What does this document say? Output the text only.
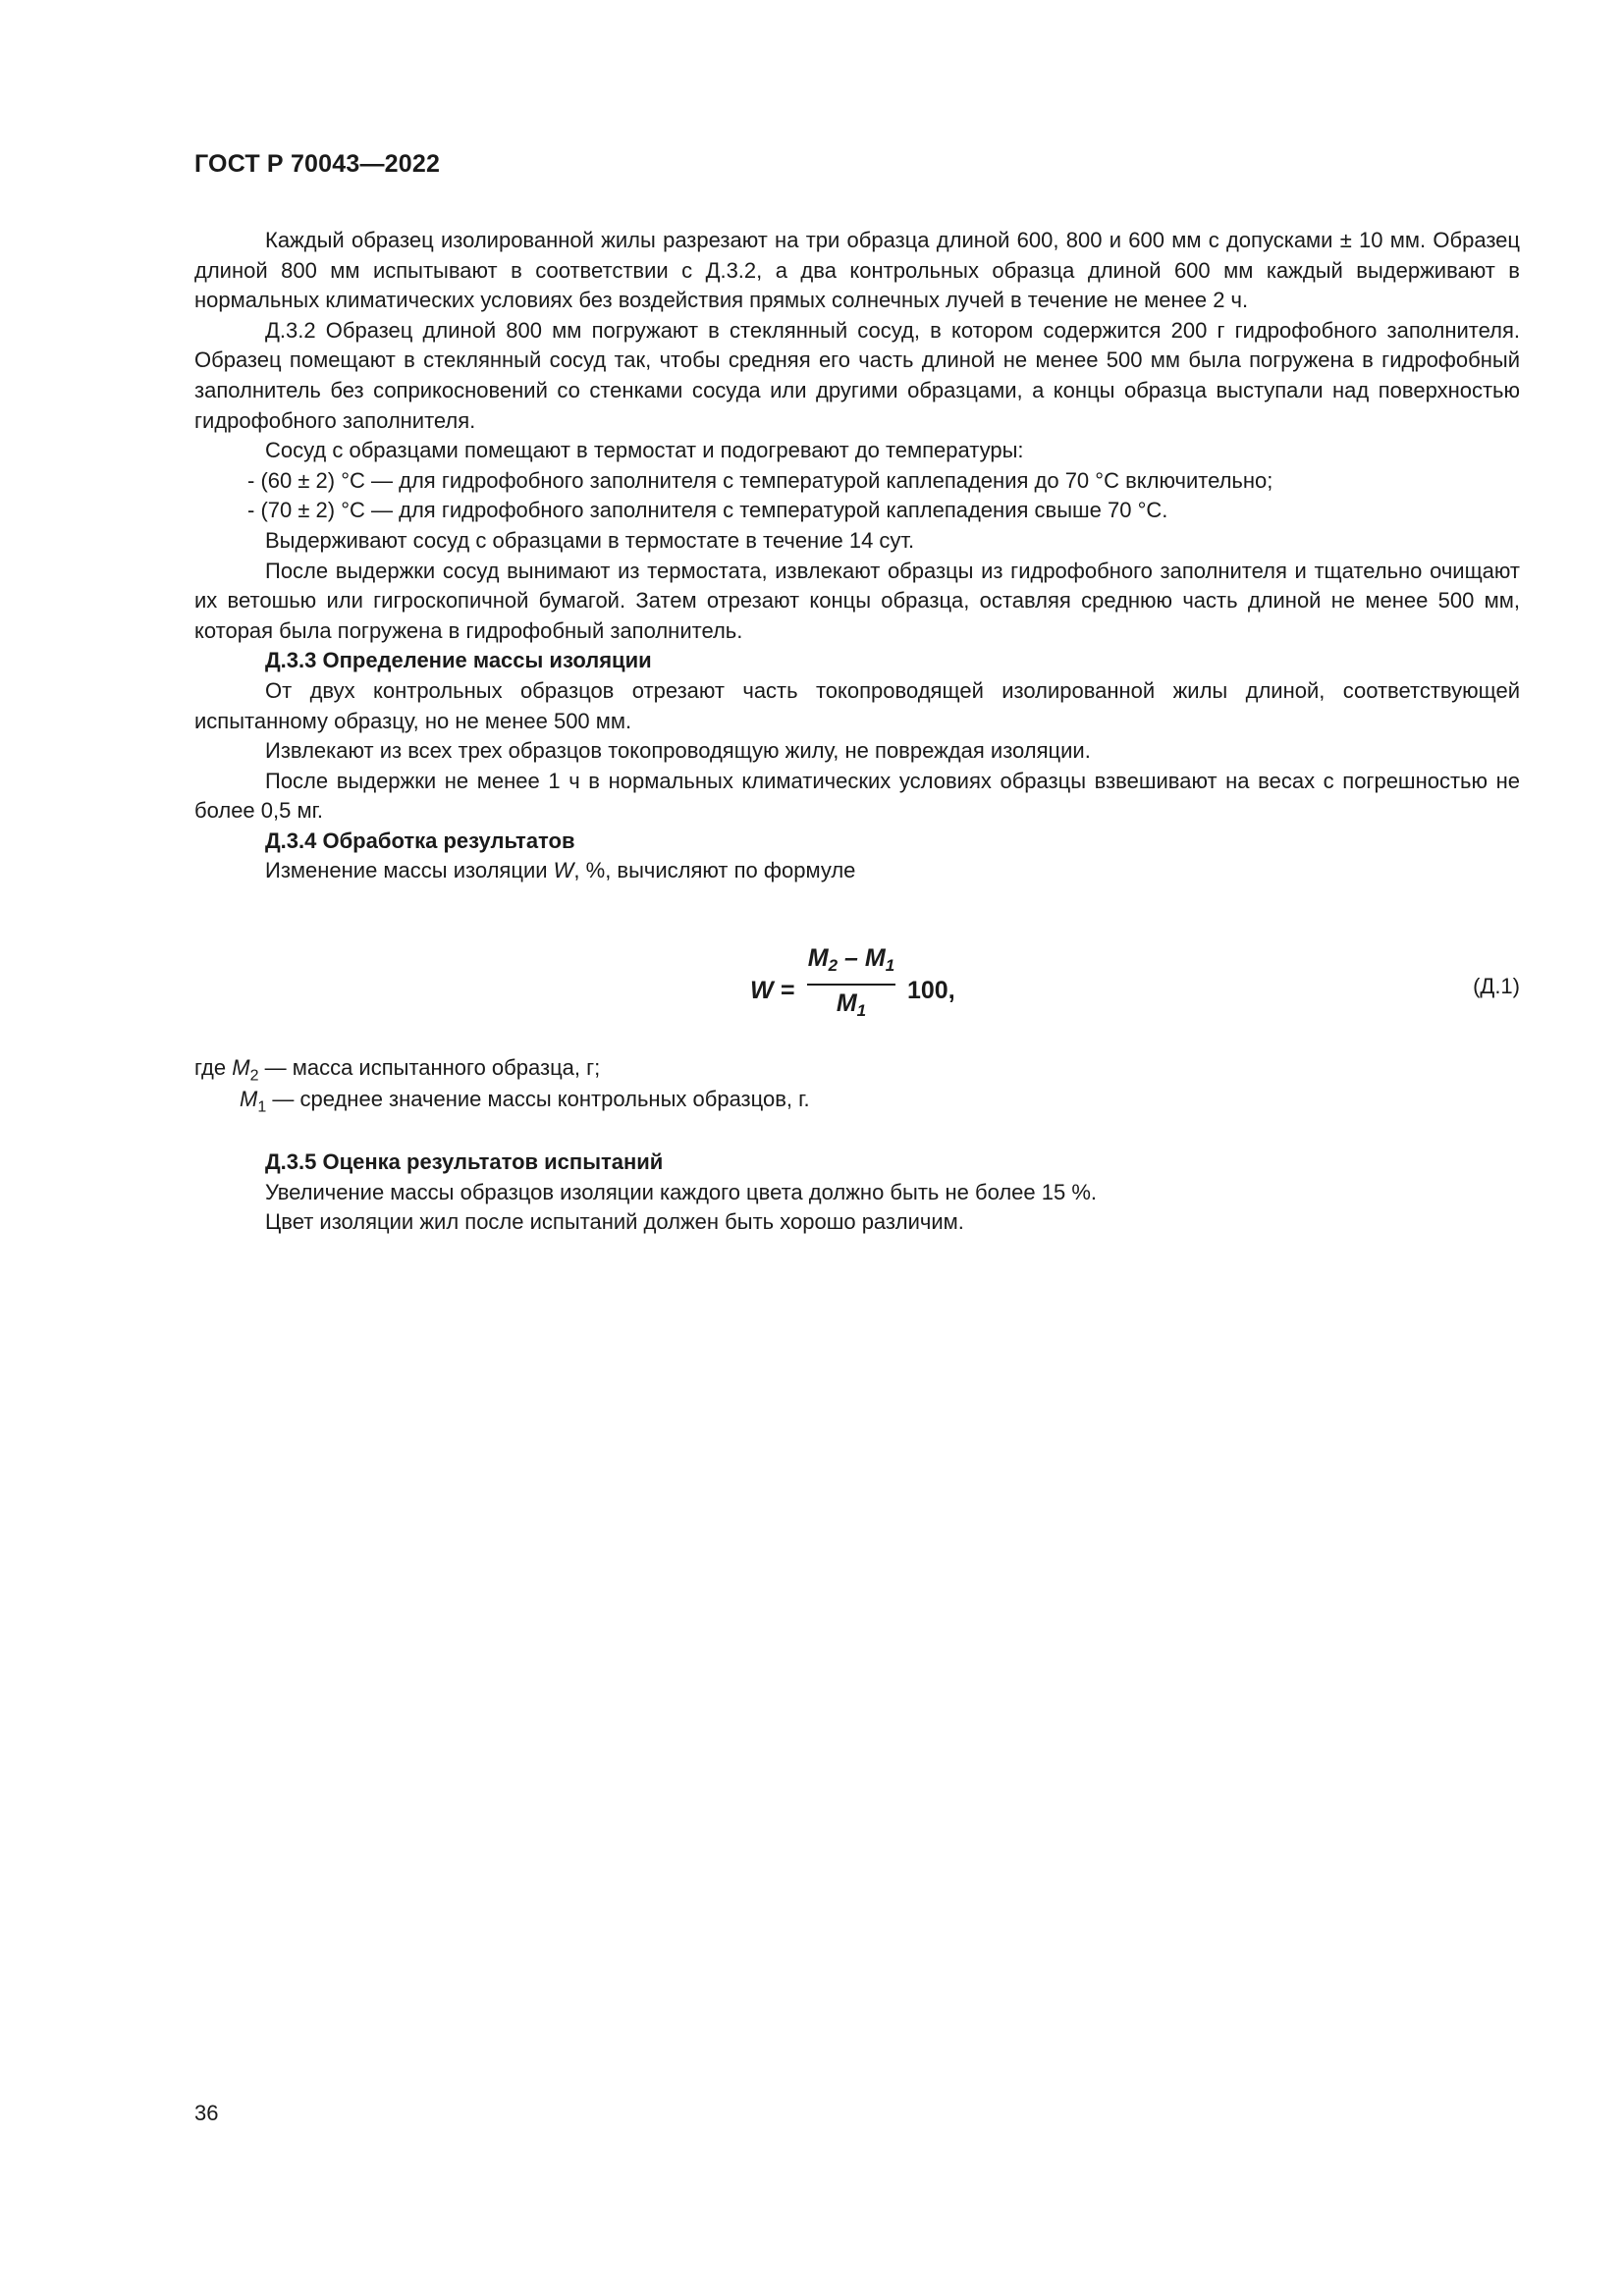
ГОСТ Р 70043—2022

Каждый образец изолированной жилы разрезают на три образца длиной 600, 800 и 600 мм с допусками ± 10 мм. Образец длиной 800 мм испытывают в соответствии с Д.3.2, а два контрольных образца длиной 600 мм каждый выдерживают в нормальных климатических условиях без воздействия прямых солнечных лучей в течение не менее 2 ч.

Д.3.2 Образец длиной 800 мм погружают в стеклянный сосуд, в котором содержится 200 г гидрофобного заполнителя. Образец помещают в стеклянный сосуд так, чтобы средняя его часть длиной не менее 500 мм была погружена в гидрофобный заполнитель без соприкосновений со стенками сосуда или другими образцами, а концы образца выступали над поверхностью гидрофобного заполнителя.

Сосуд с образцами помещают в термостат и подогревают до температуры:

- (60 ± 2) °С — для гидрофобного заполнителя с температурой каплепадения до 70 °С включительно;

- (70 ± 2) °С — для гидрофобного заполнителя с температурой каплепадения свыше 70 °С.

Выдерживают сосуд с образцами в термостате в течение 14 сут.

После выдержки сосуд вынимают из термостата, извлекают образцы из гидрофобного заполнителя и тщательно очищают их ветошью или гигроскопичной бумагой. Затем отрезают концы образца, оставляя среднюю часть длиной не менее 500 мм, которая была погружена в гидрофобный заполнитель.

Д.3.3 Определение массы изоляции

От двух контрольных образцов отрезают часть токопроводящей изолированной жилы длиной, соответствующей испытанному образцу, но не менее 500 мм.

Извлекают из всех трех образцов токопроводящую жилу, не повреждая изоляции.

После выдержки не менее 1 ч в нормальных климатических условиях образцы взвешивают на весах с погрешностью не более 0,5 мг.

Д.3.4 Обработка результатов

Изменение массы изоляции W, %, вычисляют по формуле

W =
$M_2 - M_1$
$M_1$
100,	(Д.1)
где $M_2$ — масса испытанного образца, г;
$M_1$ — среднее значение массы контрольных образцов, г.

Д.3.5 Оценка результатов испытаний

Увеличение массы образцов изоляции каждого цвета должно быть не более 15 %.

Цвет изоляции жил после испытаний должен быть хорошо различим.

36
